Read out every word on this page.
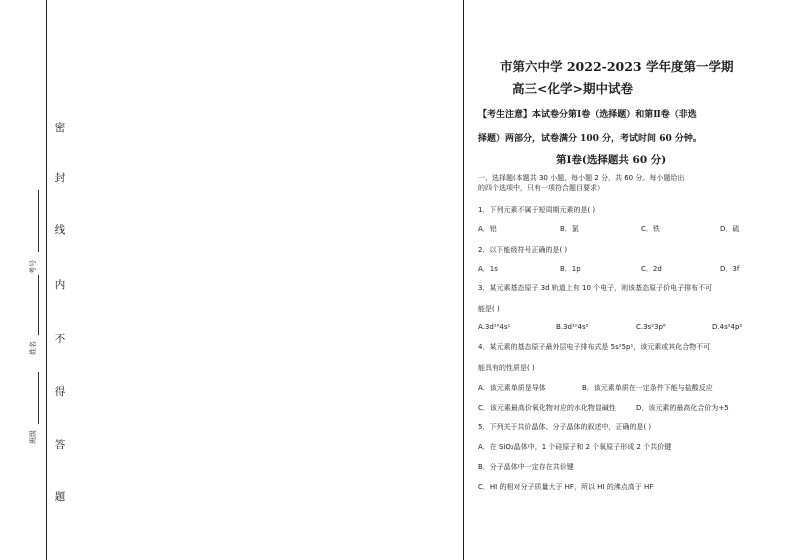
密
封
线
内
不
得
答
题
考号
姓名
班级
市第六中学 2022-2023 学年度第一学期
高三<化学>期中试卷
【考生注意】本试卷分第Ⅰ卷（选择题）和第Ⅱ卷（非选
择题）两部分，试卷满分 100 分，考试时间 60 分钟。
第Ⅰ卷(选择题共 60 分)
一、选择题(本题共 30 小题，每小题 2 分，共 60 分。每小题给出
的四个选项中，只有一项符合题目要求）
1．下列元素不属于短周期元素的是( )
A．铝	B．氯	C．铁	D．硫
2．以下能级符号正确的是( )
A．1s	B．1p	C．2d	D．3f
3．某元素基态原子 3d 轨道上有 10 个电子，则该基态原子价电子排布不可
能是( )
A.3d¹⁰4s¹	B.3d¹⁰4s²	C.3s²3p⁶	D.4s²4p²
4．某元素的基态原子最外层电子排布式是 5s²5p¹，该元素或其化合物不可
能具有的性质是( )
A．该元素单质是导体	B．该元素单质在一定条件下能与盐酸反应
C．该元素最高价氧化物对应的水化物显碱性	D．该元素的最高化合价为+5
5．下列关于共价晶体、分子晶体的叙述中，正确的是( )
A．在 SiO₂晶体中，1 个硅原子和 2 个氧原子形成 2 个共价键
B．分子晶体中一定存在共价键
C．HI 的相对分子质量大于 HF，所以 HI 的沸点高于 HF
